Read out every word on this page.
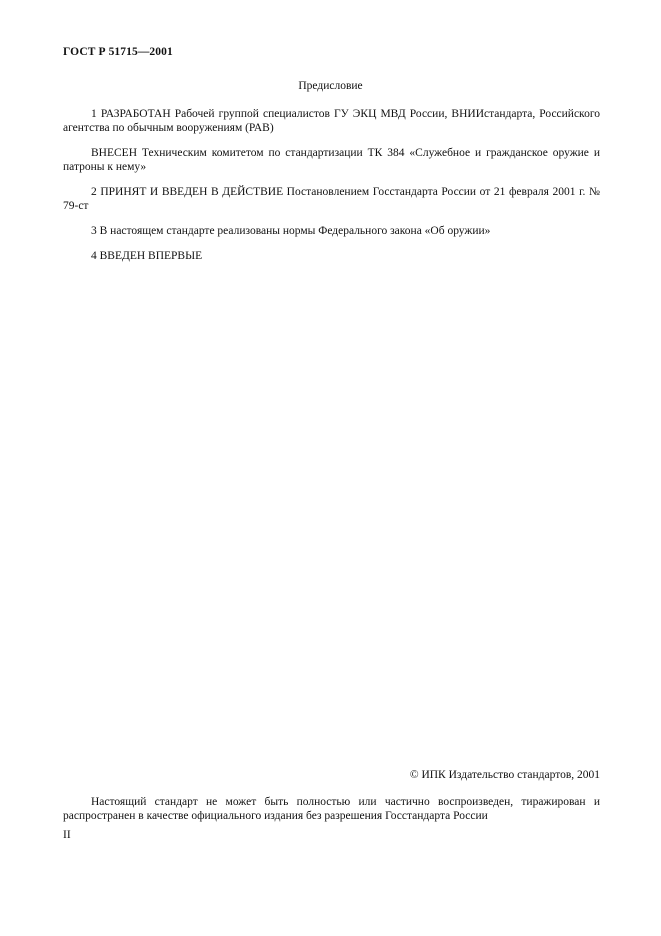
ГОСТ Р 51715—2001
Предисловие
1 РАЗРАБОТАН Рабочей группой специалистов ГУ ЭКЦ МВД России, ВНИИстандарта, Российского агентства по обычным вооружениям (РАВ)
ВНЕСЕН Техническим комитетом по стандартизации ТК 384 «Служебное и гражданское оружие и патроны к нему»
2 ПРИНЯТ И ВВЕДЕН В ДЕЙСТВИЕ Постановлением Госстандарта России от 21 февраля 2001 г. № 79-ст
3 В настоящем стандарте реализованы нормы Федерального закона «Об оружии»
4 ВВЕДЕН ВПЕРВЫЕ
© ИПК Издательство стандартов, 2001
Настоящий стандарт не может быть полностью или частично воспроизведен, тиражирован и распространен в качестве официального издания без разрешения Госстандарта России
II
